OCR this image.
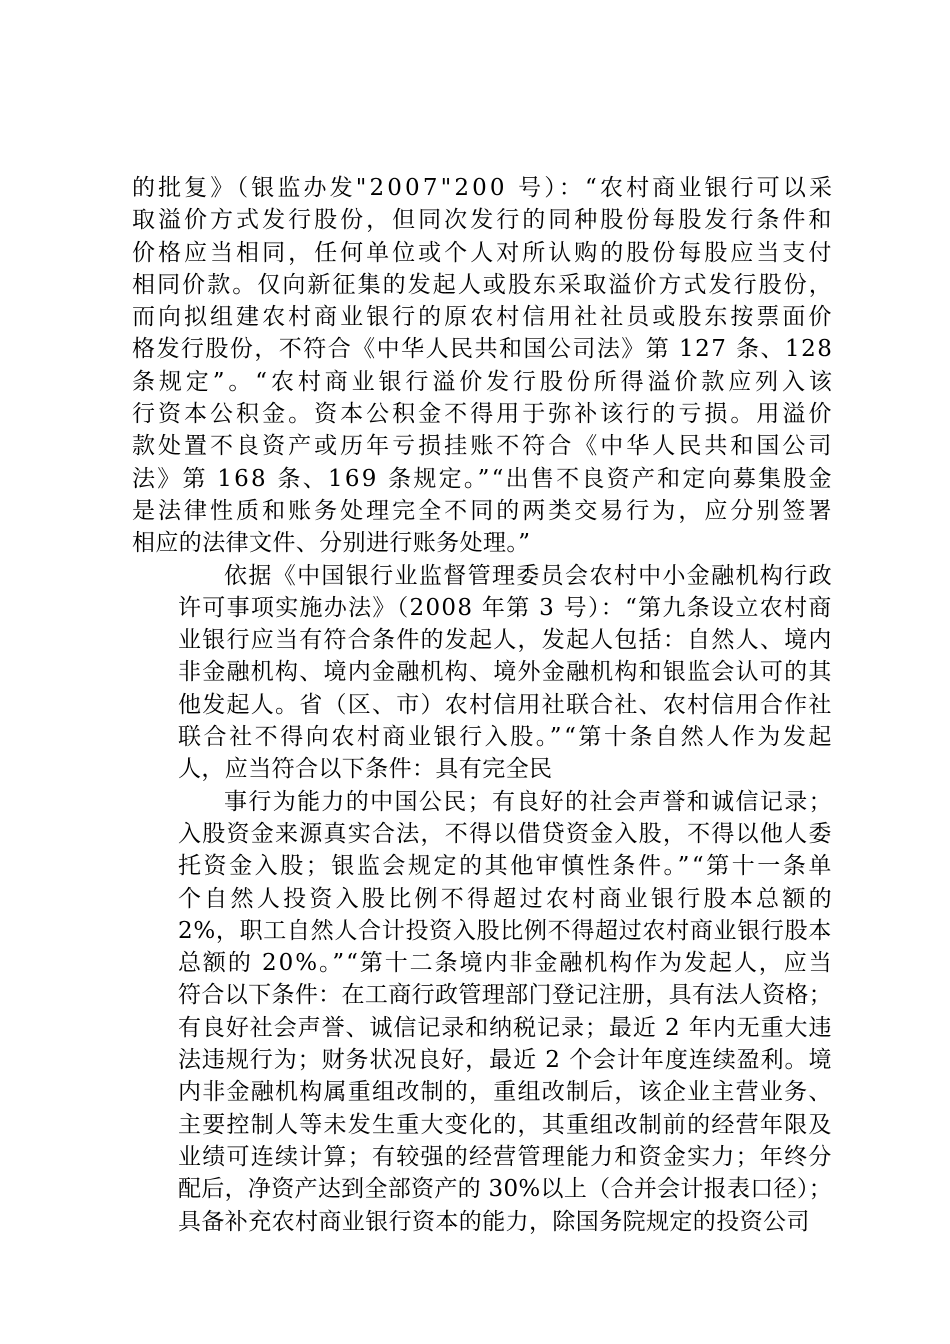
的批复》（银监办发"2007"200 号）：“农村商业银行可以采
取溢价方式发行股份，但同次发行的同种股份每股发行条件和
价格应当相同，任何单位或个人对所认购的股份每股应当支付
相同价款。仅向新征集的发起人或股东采取溢价方式发行股份，
而向拟组建农村商业银行的原农村信用社社员或股东按票面价
格发行股份，不符合《中华人民共和国公司法》第 127 条、128
条规定”。“农村商业银行溢价发行股份所得溢价款应列入该
行资本公积金。资本公积金不得用于弥补该行的亏损。用溢价
款处置不良资产或历年亏损挂账不符合《中华人民共和国公司
法》第 168 条、169 条规定。”“出售不良资产和定向募集股金
是法律性质和账务处理完全不同的两类交易行为，应分别签署
相应的法律文件、分别进行账务处理。”
依据《中国银行业监督管理委员会农村中小金融机构行政
许可事项实施办法》（2008 年第 3 号）：“第九条设立农村商
业银行应当有符合条件的发起人，发起人包括：自然人、境内
非金融机构、境内金融机构、境外金融机构和银监会认可的其
他发起人。省（区、市）农村信用社联合社、农村信用合作社
联合社不得向农村商业银行入股。”“第十条自然人作为发起
人，应当符合以下条件：具有完全民
事行为能力的中国公民；有良好的社会声誉和诚信记录；
入股资金来源真实合法，不得以借贷资金入股，不得以他人委
托资金入股；银监会规定的其他审慎性条件。”“第十一条单
个自然人投资入股比例不得超过农村商业银行股本总额的
2%，职工自然人合计投资入股比例不得超过农村商业银行股本
总额的 20%。”“第十二条境内非金融机构作为发起人，应当
符合以下条件：在工商行政管理部门登记注册，具有法人资格；
有良好社会声誉、诚信记录和纳税记录；最近 2 年内无重大违
法违规行为；财务状况良好，最近 2 个会计年度连续盈利。境
内非金融机构属重组改制的，重组改制后，该企业主营业务、
主要控制人等未发生重大变化的，其重组改制前的经营年限及
业绩可连续计算；有较强的经营管理能力和资金实力；年终分
配后，净资产达到全部资产的 30%以上（合并会计报表口径）；
具备补充农村商业银行资本的能力，除国务院规定的投资公司
